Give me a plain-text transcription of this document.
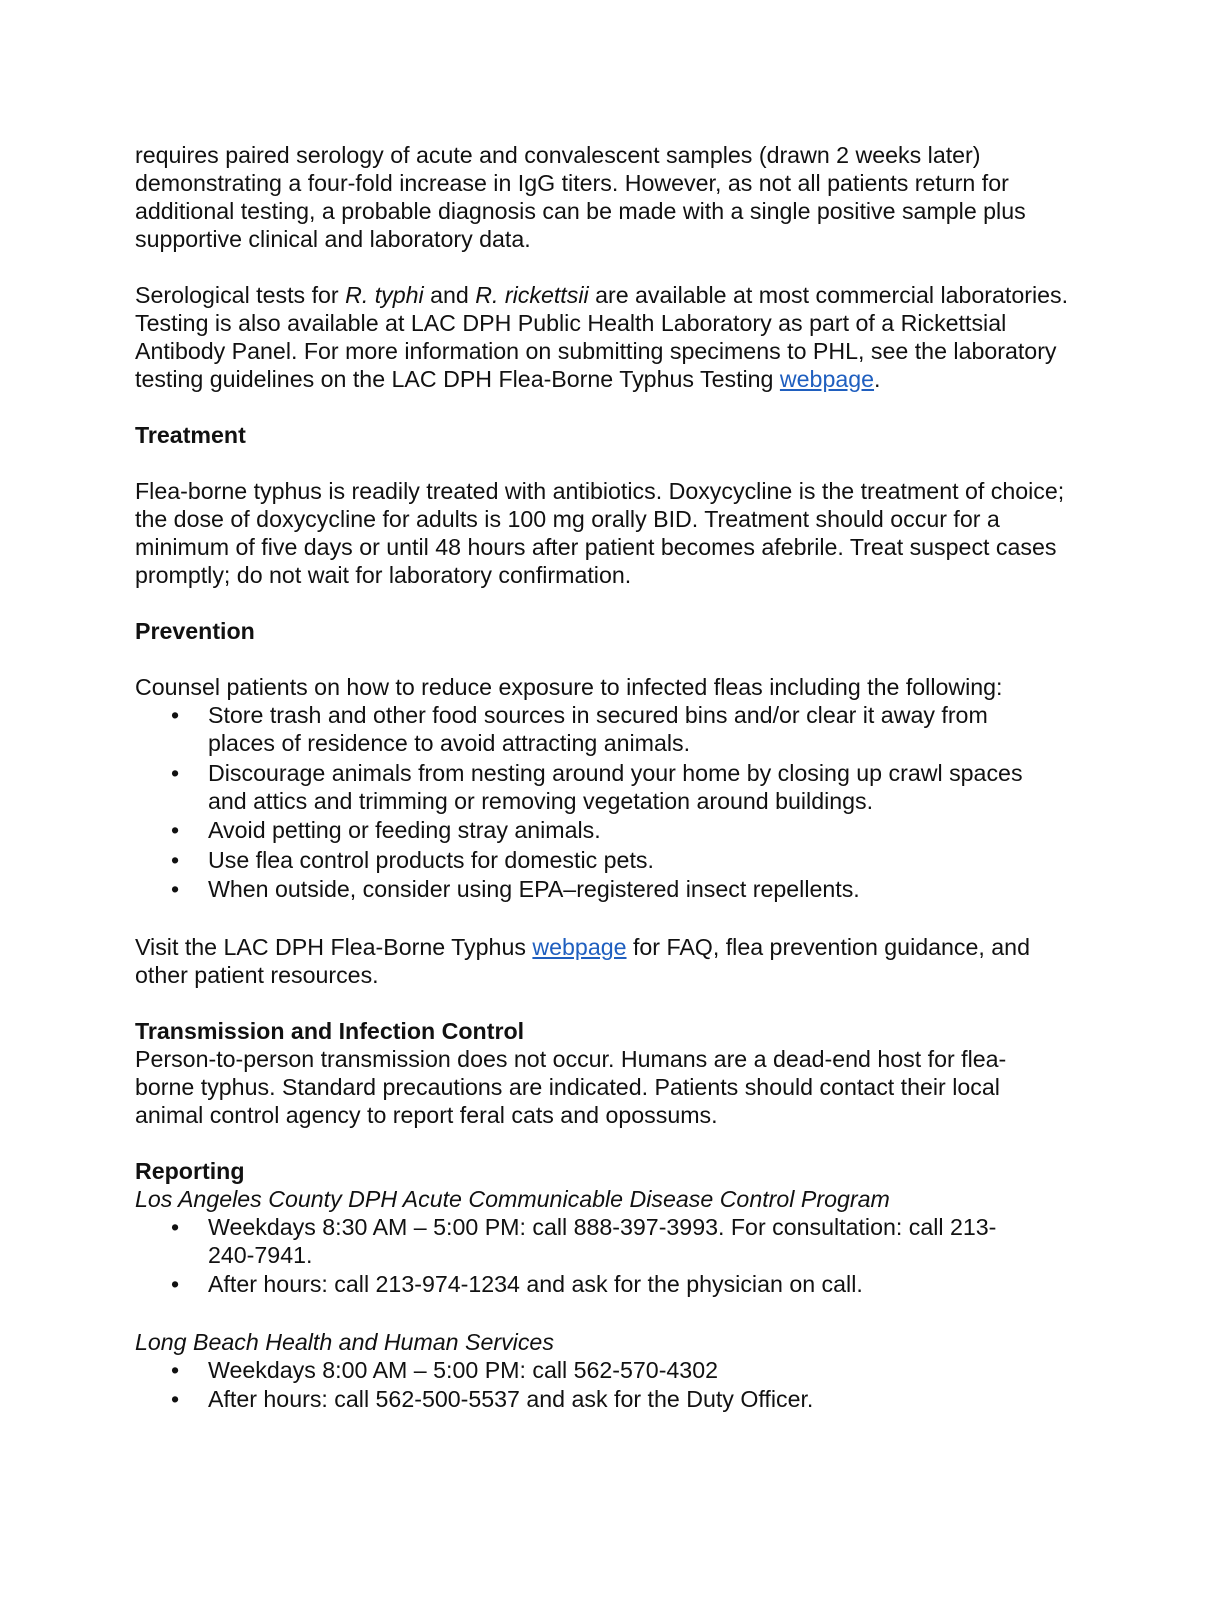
requires paired serology of acute and convalescent samples (drawn 2 weeks later) demonstrating a four-fold increase in IgG titers. However, as not all patients return for additional testing, a probable diagnosis can be made with a single positive sample plus supportive clinical and laboratory data.

Serological tests for R. typhi and R. rickettsii are available at most commercial laboratories. Testing is also available at LAC DPH Public Health Laboratory as part of a Rickettsial Antibody Panel. For more information on submitting specimens to PHL, see the laboratory testing guidelines on the LAC DPH Flea-Borne Typhus Testing webpage.

Treatment

Flea-borne typhus is readily treated with antibiotics. Doxycycline is the treatment of choice; the dose of doxycycline for adults is 100 mg orally BID. Treatment should occur for a minimum of five days or until 48 hours after patient becomes afebrile. Treat suspect cases promptly; do not wait for laboratory confirmation.

Prevention

Counsel patients on how to reduce exposure to infected fleas including the following:

•	Store trash and other food sources in secured bins and/or clear it away from places of residence to avoid attracting animals.
•	Discourage animals from nesting around your home by closing up crawl spaces and attics and trimming or removing vegetation around buildings.
•	Avoid petting or feeding stray animals.
•	Use flea control products for domestic pets.
•	When outside, consider using EPA–registered insect repellents.

Visit the LAC DPH Flea-Borne Typhus webpage for FAQ, flea prevention guidance, and other patient resources.

Transmission and Infection Control

Person-to-person transmission does not occur. Humans are a dead-end host for flea-borne typhus. Standard precautions are indicated. Patients should contact their local animal control agency to report feral cats and opossums.

Reporting

Los Angeles County DPH Acute Communicable Disease Control Program

•	Weekdays 8:30 AM – 5:00 PM: call 888-397-3993. For consultation: call 213-240-7941.
•	After hours: call 213-974-1234 and ask for the physician on call.

Long Beach Health and Human Services

•	Weekdays 8:00 AM – 5:00 PM: call 562-570-4302
•	After hours: call 562-500-5537 and ask for the Duty Officer.
